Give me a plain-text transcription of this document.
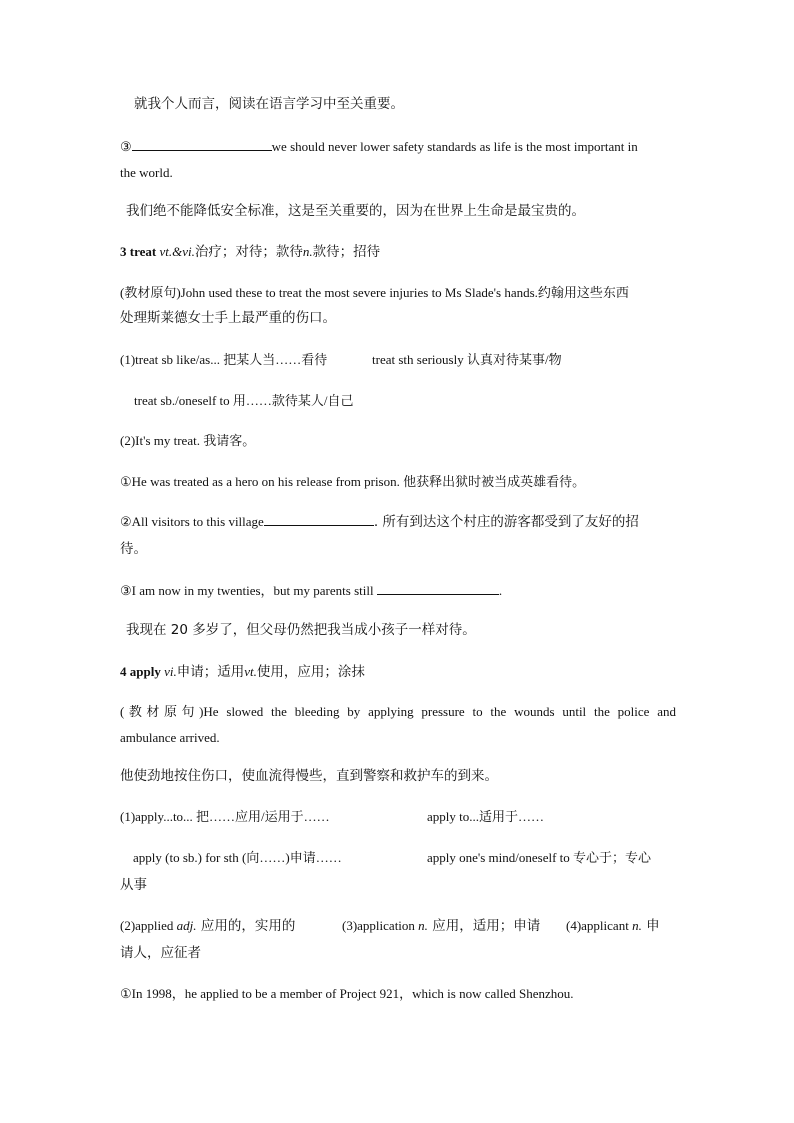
就我个人而言，阅读在语言学习中至关重要。
③	we should never lower safety standards as life is the most important in
the world.
我们绝不能降低安全标准，这是至关重要的，因为在世界上生命是最宝贵的。
3 treat vt.&vi.治疗；对待；款待n.款待；招待
(教材原句)John used these to treat the most severe injuries to Ms Slade's hands.约翰用这些东西
处理斯莱德女士手上最严重的伤口。
(1)treat sb like/as... 把某人当……看待	treat sth seriously 认真对待某事/物
treat sb./oneself to 用……款待某人/自己
(2)It's my treat. 我请客。
①He was treated as a hero on his release from prison. 他获释出狱时被当成英雄看待。
②All visitors to this village	. 所有到达这个村庄的游客都受到了友好的招
待。
③I am now in my twenties，but my parents still	.
我现在 20 多岁了，但父母仍然把我当成小孩子一样对待。
4 apply vi.申请；适用vt.使用，应用；涂抹
(教材原句)He slowed the bleeding by applying pressure to the wounds until the police and
ambulance arrived.
他使劲地按住伤口，使血流得慢些，直到警察和救护车的到来。
(1)apply...to... 把……应用/运用于……	apply to...适用于……
apply (to sb.) for sth (向……)申请……	apply one's mind/oneself to 专心于；专心
从事
(2)applied adj. 应用的，实用的	(3)application n. 应用，适用；申请 (4)applicant n. 申
请人，应征者
①In 1998，he applied to be a member of Project 921，which is now called Shenzhou.
